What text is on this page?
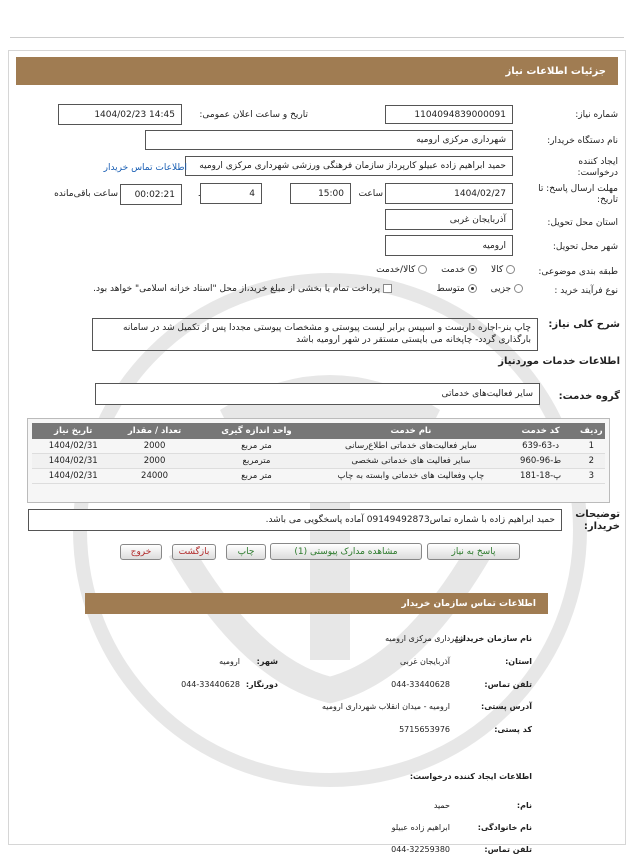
جزئیات اطلاعات نیاز
شماره نیاز:
1104094839000091
تاریخ و ساعت اعلان عمومی:
1404/02/23 14:45
نام دستگاه خریدار:
شهرداری مرکزی ارومیه
ایجاد کننده
درخواست:
حمید ابراهیم زاده عبیلو کارپرداز سازمان فرهنگی ورزشی شهرداری مرکزی ارومیه
اطلاعات تماس خریدار
مهلت ارسال پاسخ: تا
تاریخ:
1404/02/27
ساعت
15:00
4
00:02:21
ساعت باقی‌مانده
استان محل تحویل:
آذربایجان غربی
شهر محل تحویل:
ارومیه
طبقه بندی موضوعی:
کالا
خدمت
کالا/خدمت
نوع فرآیند خرید :
جزیی
متوسط
پرداخت تمام یا بخشی از مبلغ خرید،از محل "اسناد خزانه اسلامی" خواهد بود.
شرح کلی نیاز:
چاپ بنر-اجاره داربست و اسپیس برابر لیست پیوستی و مشخصات پیوستی مجددا پس از تکمیل شد در سامانه بارگذاری گردد- چاپخانه می بایستی مستقر در شهر ارومیه باشد
اطلاعات خدمات موردنیاز
گروه خدمت:
سایر فعالیت‌های خدماتی
ردیف	کد خدمت	نام خدمت	واحد اندازه گیری	تعداد / مقدار	تاریخ نیاز
1	د-63-639	سایر فعالیت‌های خدماتی اطلاع‌رسانی	متر مربع	2000	1404/02/31
2	ط-96-960	سایر فعالیت های خدماتی شخصی	مترمربع	2000	1404/02/31
3	پ-18-181	چاپ وفعالیت های خدماتی وابسته به چاپ	متر مربع	24000	1404/02/31
توضیحات
خریدار:
حمید ابراهیم زاده با شماره تماس09149492873 آماده پاسخگویی می باشد.
پاسخ به نیاز
مشاهده مدارک پیوستی (1)
چاپ
بازگشت
خروج
اطلاعات تماس سازمان خریدار
نام سازمان خریدار:
شهرداری مرکزی ارومیه
استان:
آذربایجان غربی
شهر:
ارومیه
تلفن تماس:
044-33440628
دورنگار:
044-33440628
آدرس پستی:
ارومیه - میدان انقلاب شهرداری ارومیه
کد پستی:
5715653976
اطلاعات ایجاد کننده درخواست:
نام:
حمید
نام خانوادگی:
ابراهیم زاده عبیلو
تلفن تماس:
044-32259380
